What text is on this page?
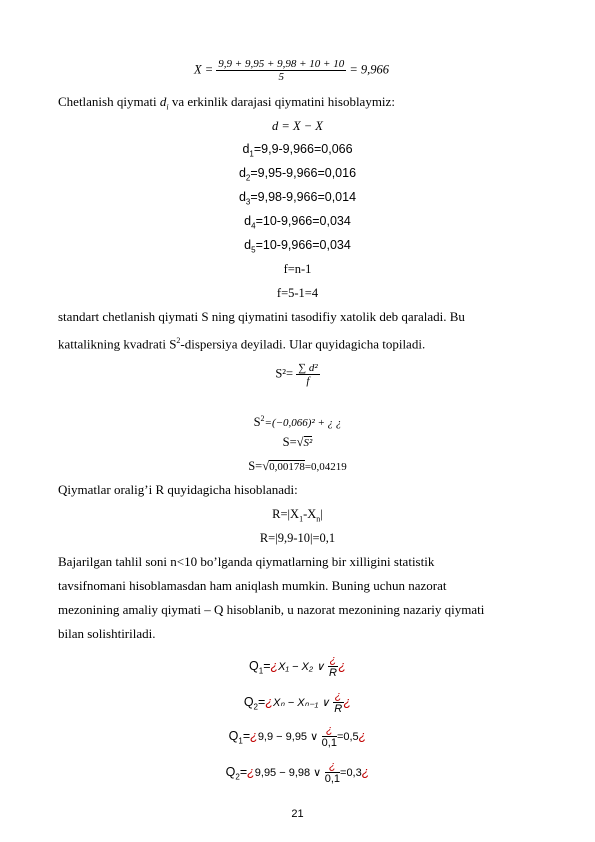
$X = \frac{9,9 + 9,95 + 9,98 + 10 + 10}{5} = 9,966$
Chetlanish qiymati $d_i$ va erkinlik darajasi qiymatini hisoblaymiz:
d = X − X
$d_1=9,9-9,966=0,066$
$d_2=9,95-9,966=0,016$
$d_3=9,98-9,966=0,014$
$d_4=10-9,966=0,034$
$d_5=10-9,966=0,034$
f=n-1
f=5-1=4
standart chetlanish qiymati S ning qiymatini tasodifiy xatolik deb qaraladi. Bu
kattalikning kvadrati $S^2$-dispersiya deyiladi. Ular quyidagicha topiladi.
$S^2= \frac{\text{∑ d²}}{f}$
$S^2=(-0,066)^2$ + ¿ ¿
S=√S²
S=√0,00178=0,04219
Qiymatlar oralig’i R quyidagicha hisoblanadi:
$R=|X_1-X_n|$
R=|9,9-10|=0,1
Bajarilgan tahlil soni n<10 bo’lganda qiymatlarning bir xilligini statistik
tavsifnomani hisoblamasdan ham aniqlash mumkin. Buning uchun nazorat
mezonining amaliy qiymati – Q hisoblanib, u nazorat mezonining nazariy qiymati
bilan solishtiriladi.
$Q_1=¿X_1 - X_2$ ∨ $\frac{¿}{R}$ ¿
$Q_2=¿X_n - X_{n-1}$ ∨ $\frac{¿}{R}$ ¿
$Q_1=¿9,9 - 9,95$ ∨ $\frac{¿}{0,1}$ =0,5¿
$Q_2=¿9,95 - 9,98$ ∨ $\frac{¿}{0,1}$ =0,3¿
21
